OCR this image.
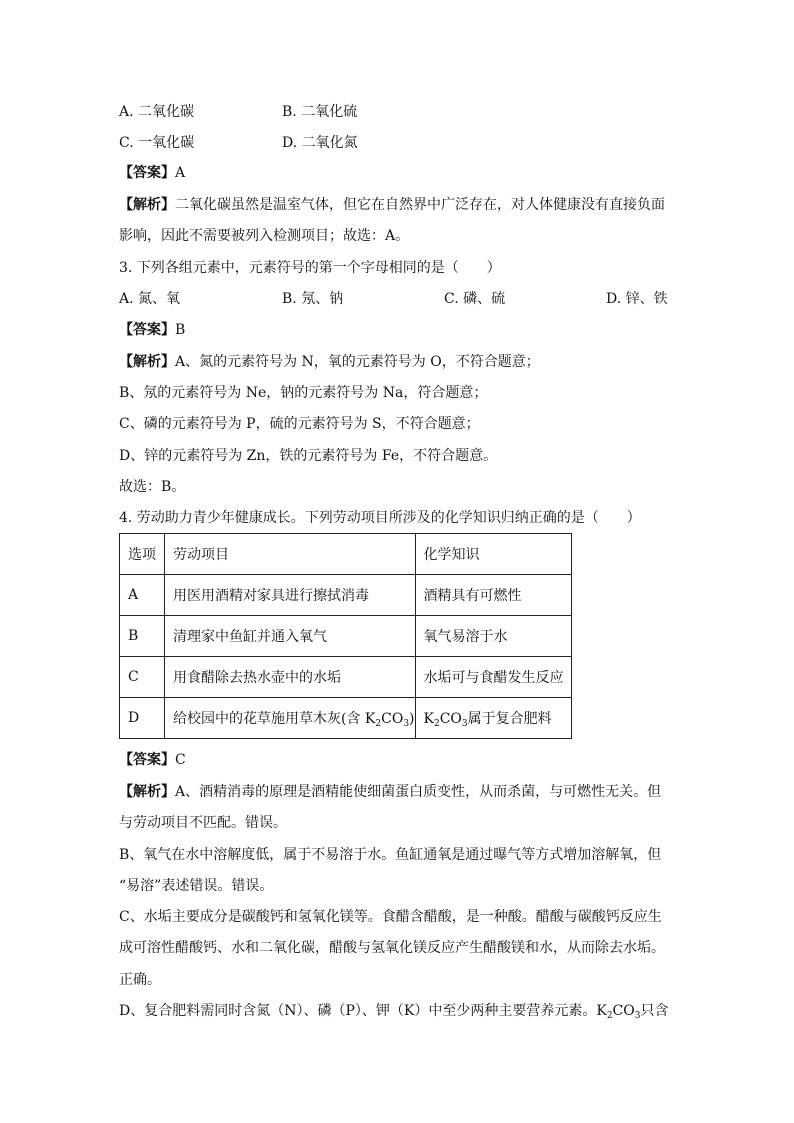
A. 二氧化碳	B. 二氧化硫
C. 一氧化碳	D. 二氧化氮
【答案】A
【解析】二氧化碳虽然是温室气体，但它在自然界中广泛存在，对人体健康没有直接负面
影响，因此不需要被列入检测项目；故选：A。
3. 下列各组元素中，元素符号的第一个字母相同的是（　　）
A. 氮、氧	B. 氖、钠	C. 磷、硫	D. 锌、铁
【答案】B
【解析】A、氮的元素符号为 N，氧的元素符号为 O，不符合题意；
B、氖的元素符号为 Ne，钠的元素符号为 Na，符合题意；
C、磷的元素符号为 P，硫的元素符号为 S，不符合题意；
D、锌的元素符号为 Zn，铁的元素符号为 Fe，不符合题意。
故选：B。
4. 劳动助力青少年健康成长。下列劳动项目所涉及的化学知识归纳正确的是（　　）
选项	劳动项目	化学知识
A	用医用酒精对家具进行擦拭消毒	酒精具有可燃性
B	清理家中鱼缸并通入氧气	氧气易溶于水
C	用食醋除去热水壶中的水垢	水垢可与食醋发生反应
D	给校园中的花草施用草木灰(含 $K_2CO_3$)	$K_2CO_3$属于复合肥料
【答案】C
【解析】A、酒精消毒的原理是酒精能使细菌蛋白质变性，从而杀菌，与可燃性无关。但
与劳动项目不匹配。错误。
B、氧气在水中溶解度低，属于不易溶于水。鱼缸通氧是通过曝气等方式增加溶解氧，但
“易溶”表述错误。错误。
C、水垢主要成分是碳酸钙和氢氧化镁等。食醋含醋酸，是一种酸。醋酸与碳酸钙反应生
成可溶性醋酸钙、水和二氧化碳，醋酸与氢氧化镁反应产生醋酸镁和水，从而除去水垢。
正确。
D、复合肥料需同时含氮（N）、磷（P）、钾（K）中至少两种主要营养元素。$K_2CO_3$只含
